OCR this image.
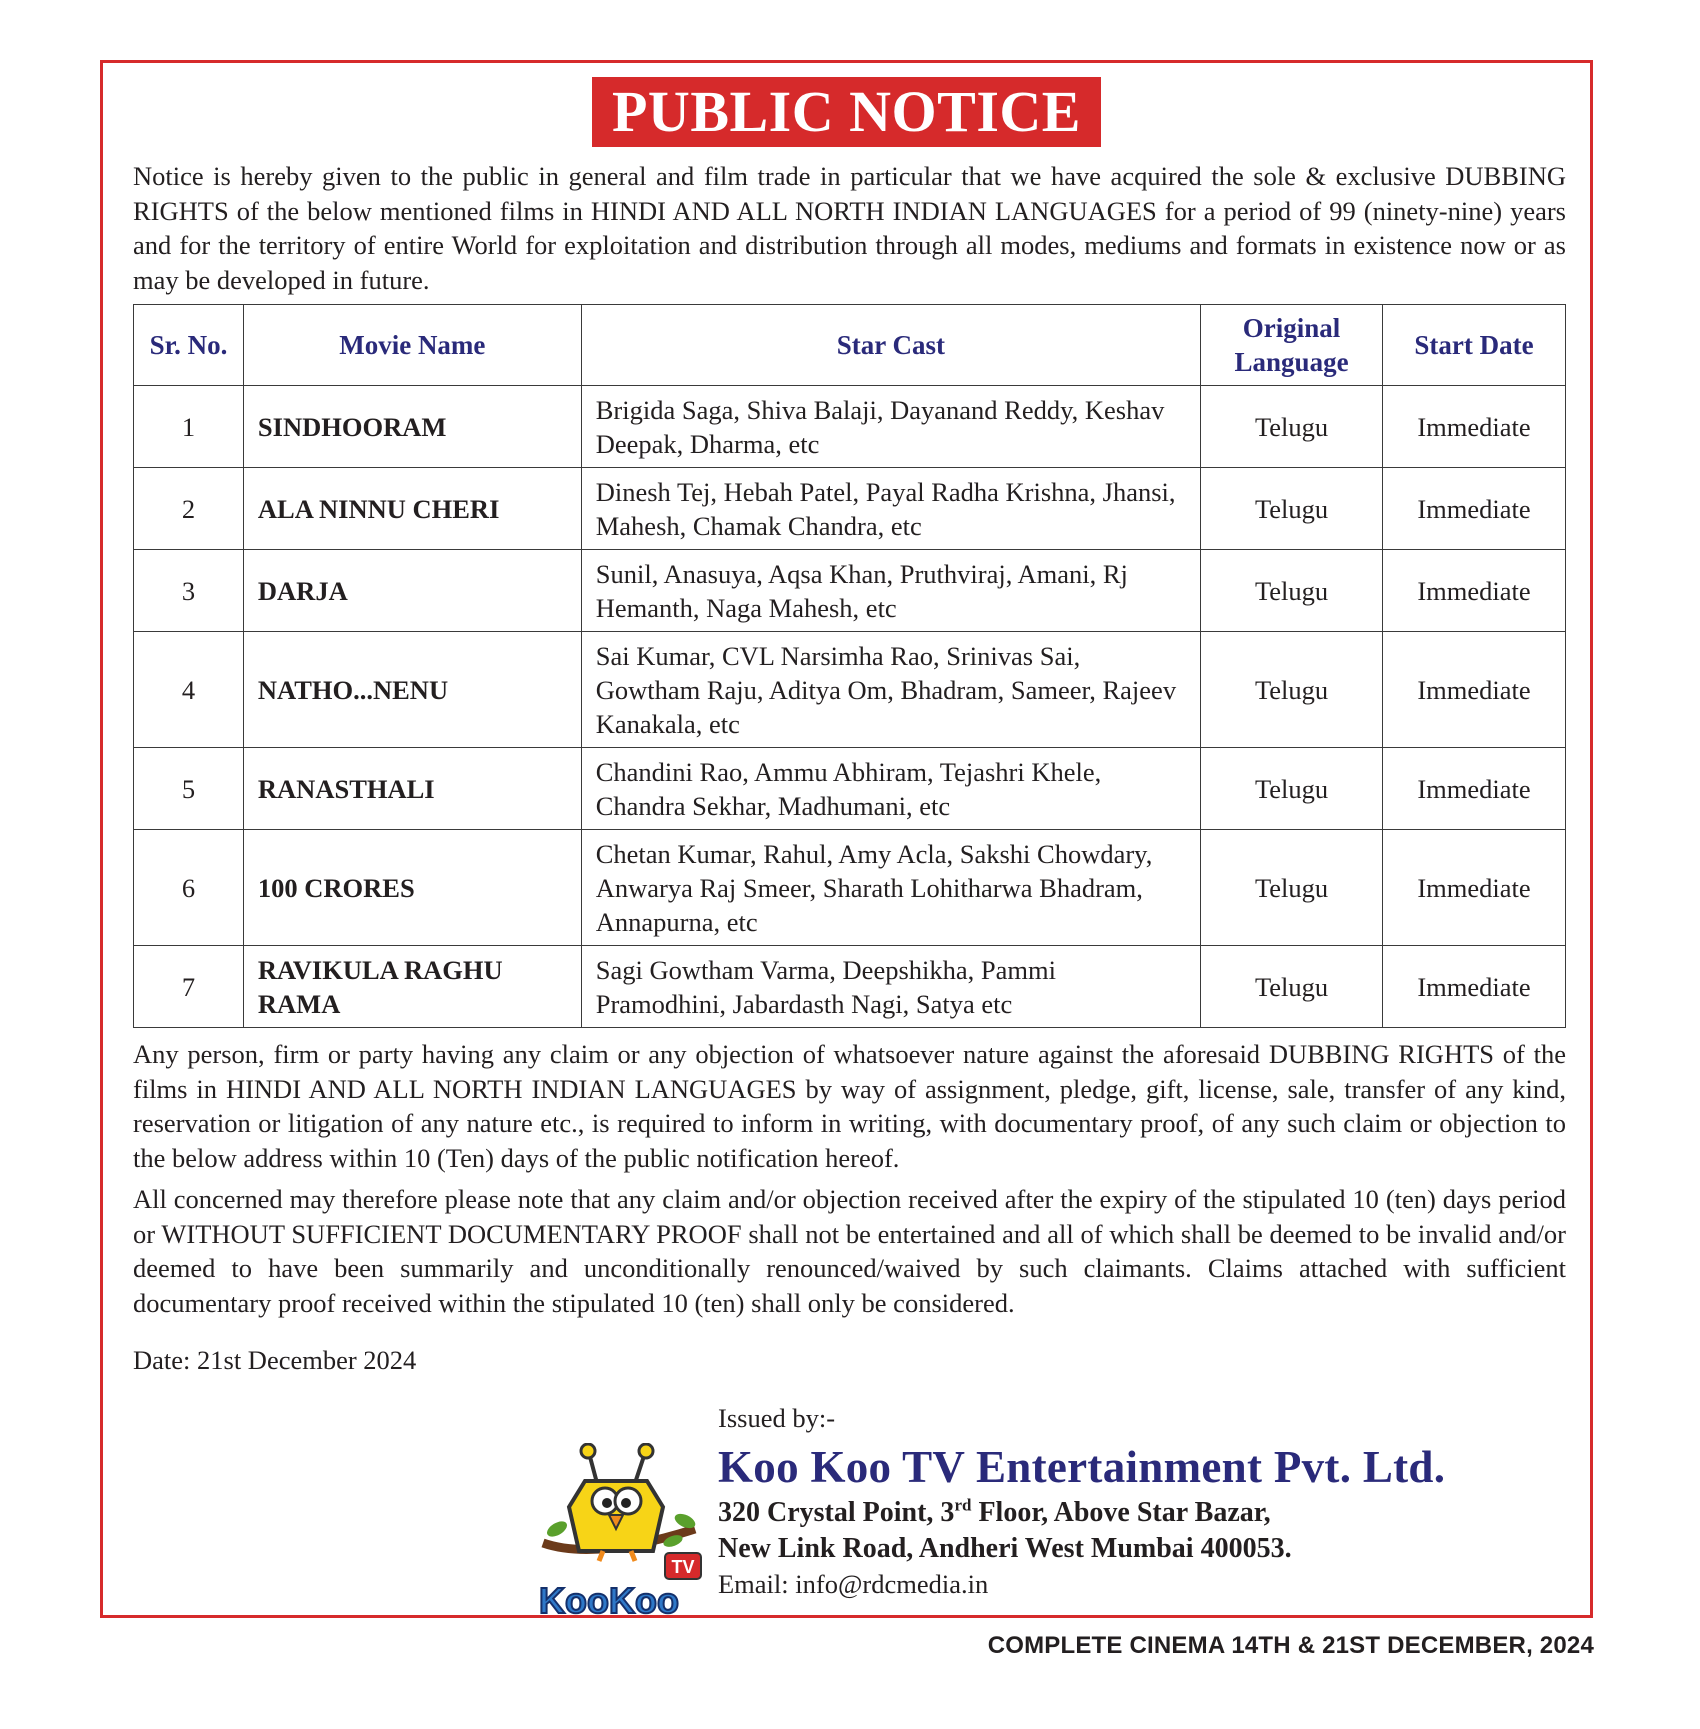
PUBLIC NOTICE

Notice is hereby given to the public in general and film trade in particular that we have acquired the sole & exclusive DUBBING RIGHTS of the below mentioned films in HINDI AND ALL NORTH INDIAN LANGUAGES for a period of 99 (ninety-nine) years and for the territory of entire World for exploitation and distribution through all modes, mediums and formats in existence now or as may be developed in future.

Sr. No.	Movie Name	Star Cast	Original Language	Start Date
1	SINDHOORAM	Brigida Saga, Shiva Balaji, Dayanand Reddy, Keshav Deepak, Dharma, etc	Telugu	Immediate
2	ALA NINNU CHERI	Dinesh Tej, Hebah Patel, Payal Radha Krishna, Jhansi, Mahesh, Chamak Chandra, etc	Telugu	Immediate
3	DARJA	Sunil, Anasuya, Aqsa Khan, Pruthviraj, Amani, Rj Hemanth, Naga Mahesh, etc	Telugu	Immediate
4	NATHO...NENU	Sai Kumar, CVL Narsimha Rao, Srinivas Sai, Gowtham Raju, Aditya Om, Bhadram, Sameer, Rajeev Kanakala, etc	Telugu	Immediate
5	RANASTHALI	Chandini Rao, Ammu Abhiram, Tejashri Khele, Chandra Sekhar, Madhumani, etc	Telugu	Immediate
6	100 CRORES	Chetan Kumar, Rahul, Amy Acla, Sakshi Chowdary, Anwarya Raj Smeer, Sharath Lohitharwa Bhadram, Annapurna, etc	Telugu	Immediate
7	RAVIKULA RAGHU RAMA	Sagi Gowtham Varma, Deepshikha, Pammi Pramodhini, Jabardasth Nagi, Satya etc	Telugu	Immediate

Any person, firm or party having any claim or any objection of whatsoever nature against the aforesaid DUBBING RIGHTS of the films in HINDI AND ALL NORTH INDIAN LANGUAGES by way of assignment, pledge, gift, license, sale, transfer of any kind, reservation or litigation of any nature etc., is required to inform in writing, with documentary proof, of any such claim or objection to the below address within 10 (Ten) days of the public notification hereof.

All concerned may therefore please note that any claim and/or objection received after the expiry of the stipulated 10 (ten) days period or WITHOUT SUFFICIENT DOCUMENTARY PROOF shall not be entertained and all of which shall be deemed to be invalid and/or deemed to have been summarily and unconditionally renounced/waived by such claimants. Claims attached with sufficient documentary proof received within the stipulated 10 (ten) shall only be considered.

Date: 21st December 2024

TV
KooKoo
Issued by:-
Koo Koo TV Entertainment Pvt. Ltd.
320 Crystal Point, 3rd Floor, Above Star Bazar,
New Link Road, Andheri West Mumbai 400053.
Email: info@rdcmedia.in
COMPLETE CINEMA 14TH & 21ST DECEMBER, 2024
